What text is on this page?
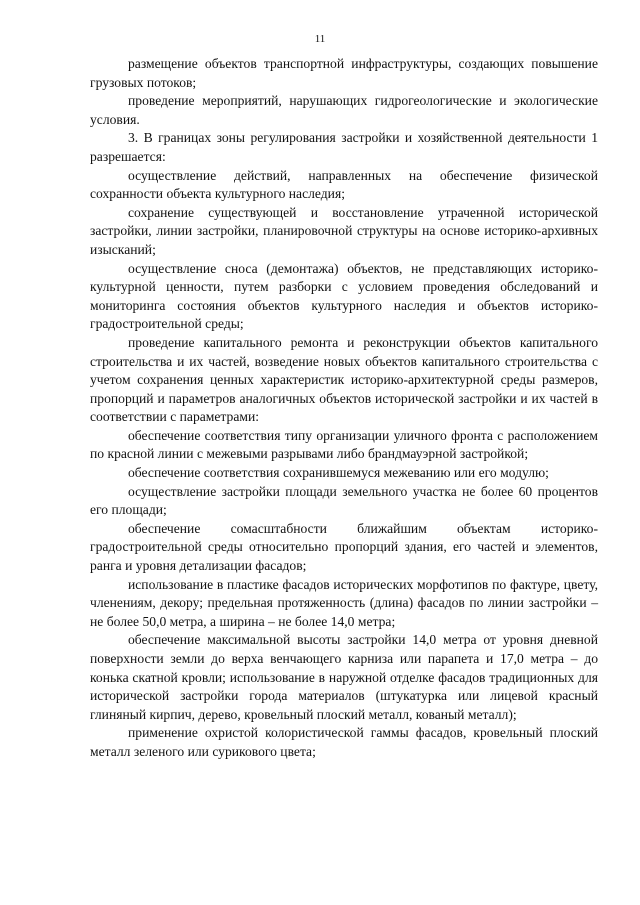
11

размещение объектов транспортной инфраструктуры, создающих повышение грузовых потоков;

проведение мероприятий, нарушающих гидрогеологические и экологические условия.

3. В границах зоны регулирования застройки и хозяйственной деятельности 1 разрешается:

осуществление действий, направленных на обеспечение физической сохранности объекта культурного наследия;

сохранение существующей и восстановление утраченной исторической застройки, линии застройки, планировочной структуры на основе историко-архивных изысканий;

осуществление сноса (демонтажа) объектов, не представляющих историко-культурной ценности, путем разборки с условием проведения обследований и мониторинга состояния объектов культурного наследия и объектов историко-градостроительной среды;

проведение капитального ремонта и реконструкции объектов капитального строительства и их частей, возведение новых объектов капитального строительства с учетом сохранения ценных характеристик историко-архитектурной среды размеров, пропорций и параметров аналогичных объектов исторической застройки и их частей в соответствии с параметрами:

обеспечение соответствия типу организации уличного фронта с расположением по красной линии с межевыми разрывами либо брандмауэрной застройкой;

обеспечение соответствия сохранившемуся межеванию или его модулю;

осуществление застройки площади земельного участка не более 60 процентов его площади;

обеспечение сомасштабности ближайшим объектам историко-градостроительной среды относительно пропорций здания, его частей и элементов, ранга и уровня детализации фасадов;

использование в пластике фасадов исторических морфотипов по фактуре, цвету, членениям, декору; предельная протяженность (длина) фасадов по линии застройки – не более 50,0 метра, а ширина – не более 14,0 метра;

обеспечение максимальной высоты застройки 14,0 метра от уровня дневной поверхности земли до верха венчающего карниза или парапета и 17,0 метра – до конька скатной кровли; использование в наружной отделке фасадов традиционных для исторической застройки города материалов (штукатурка или лицевой красный глиняный кирпич, дерево, кровельный плоский металл, кованый металл);

применение охристой колористической гаммы фасадов, кровельный плоский металл зеленого или сурикового цвета;
